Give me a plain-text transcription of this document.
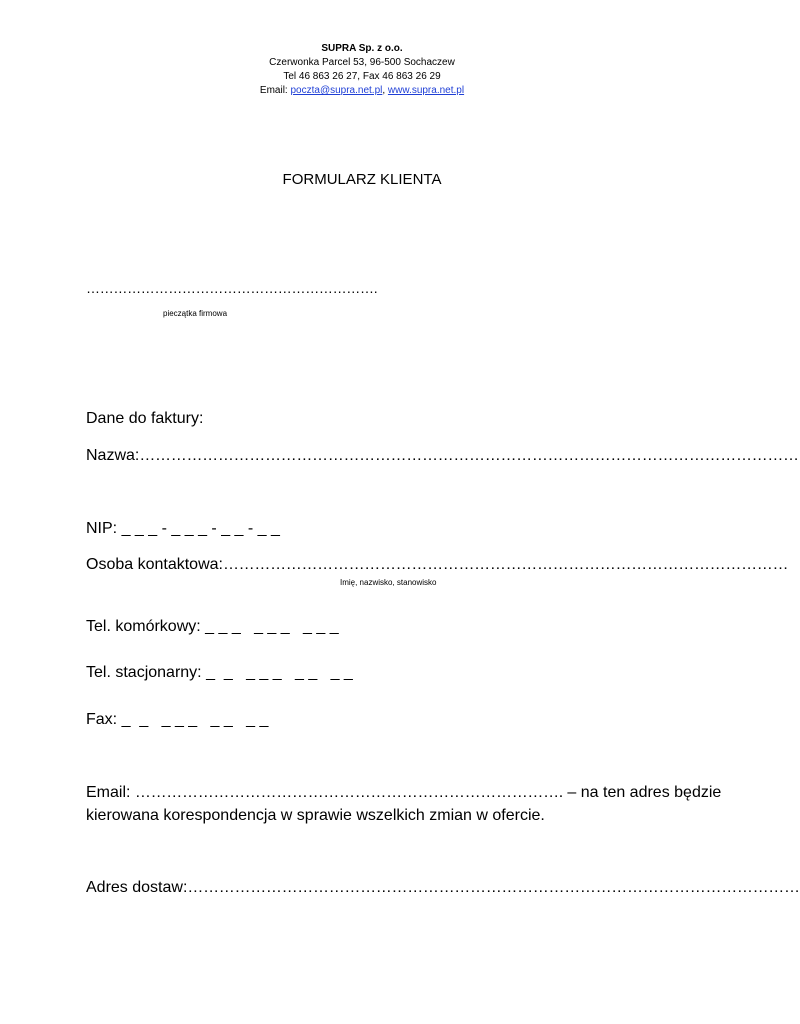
SUPRA Sp. z o.o.
Czerwonka Parcel 53, 96-500 Sochaczew
Tel 46 863 26 27, Fax 46 863 26 29
Email: poczta@supra.net.pl, www.supra.net.pl
FORMULARZ KLIENTA
……………………………………………………….
pieczątka firmowa
Dane do faktury:
Nazwa:………………………………………………………………………………………………………………
NIP: _ _ _ - _ _ _ - _ _ - _ _
Osoba kontaktowa:………………………………………………………………………………………………
Imię, nazwisko, stanowisko
Tel. komórkowy: _ _ _   _ _ _   _ _ _
Tel. stacjonarny: _  _   _ _ _   _ _   _ _
Fax: _  _   _ _ _   _ _   _ _
Email: ………………………………………………………………………. – na ten adres będzie
kierowana korespondencja w sprawie wszelkich zmian w ofercie.
Adres dostaw:………………………………………………………………………………………………………
